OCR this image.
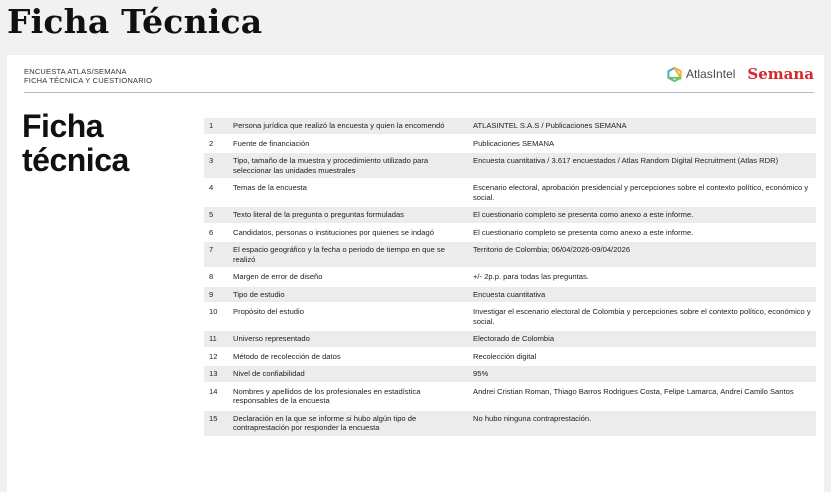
Ficha Técnica
ENCUESTA ATLAS/SEMANA
FICHA TÉCNICA Y CUESTIONARIO	AtlasIntel Semana
Ficha
técnica
1	Persona jurídica que realizó la encuesta y quien la encomendó	ATLASINTEL S.A.S / Publicaciones SEMANA
2	Fuente de financiación	Publicaciones SEMANA
3	Tipo, tamaño de la muestra y procedimiento utilizado para seleccionar las unidades muestrales	Encuesta cuantitativa / 3.617 encuestados / Atlas Random Digital Recruitment (Atlas RDR)
4	Temas de la encuesta	Escenario electoral, aprobación presidencial y percepciones sobre el contexto político, económico y social.
5	Texto literal de la pregunta o preguntas formuladas	El cuestionario completo se presenta como anexo a este informe.
6	Candidatos, personas o instituciones por quienes se indagó	El cuestionario completo se presenta como anexo a este informe.
7	El espacio geográfico y la fecha o periodo de tiempo en que se realizó	Territorio de Colombia; 06/04/2026-09/04/2026
8	Margen de error de diseño	+/- 2p.p. para todas las preguntas.
9	Tipo de estudio	Encuesta cuantitativa
10	Propósito del estudio	Investigar el escenario electoral de Colombia y percepciones sobre el contexto político, económico y social.
11	Universo representado	Electorado de Colombia
12	Método de recolección de datos	Recolección digital
13	Nivel de confiabilidad	95%
14	Nombres y apellidos de los profesionales en estadística responsables de la encuesta	Andrei Cristian Roman, Thiago Barros Rodrigues Costa, Felipe Lamarca, Andrei Camilo Santos
15	Declaración en la que se informe si hubo algún tipo de contraprestación por responder la encuesta	No hubo ninguna contraprestación.
